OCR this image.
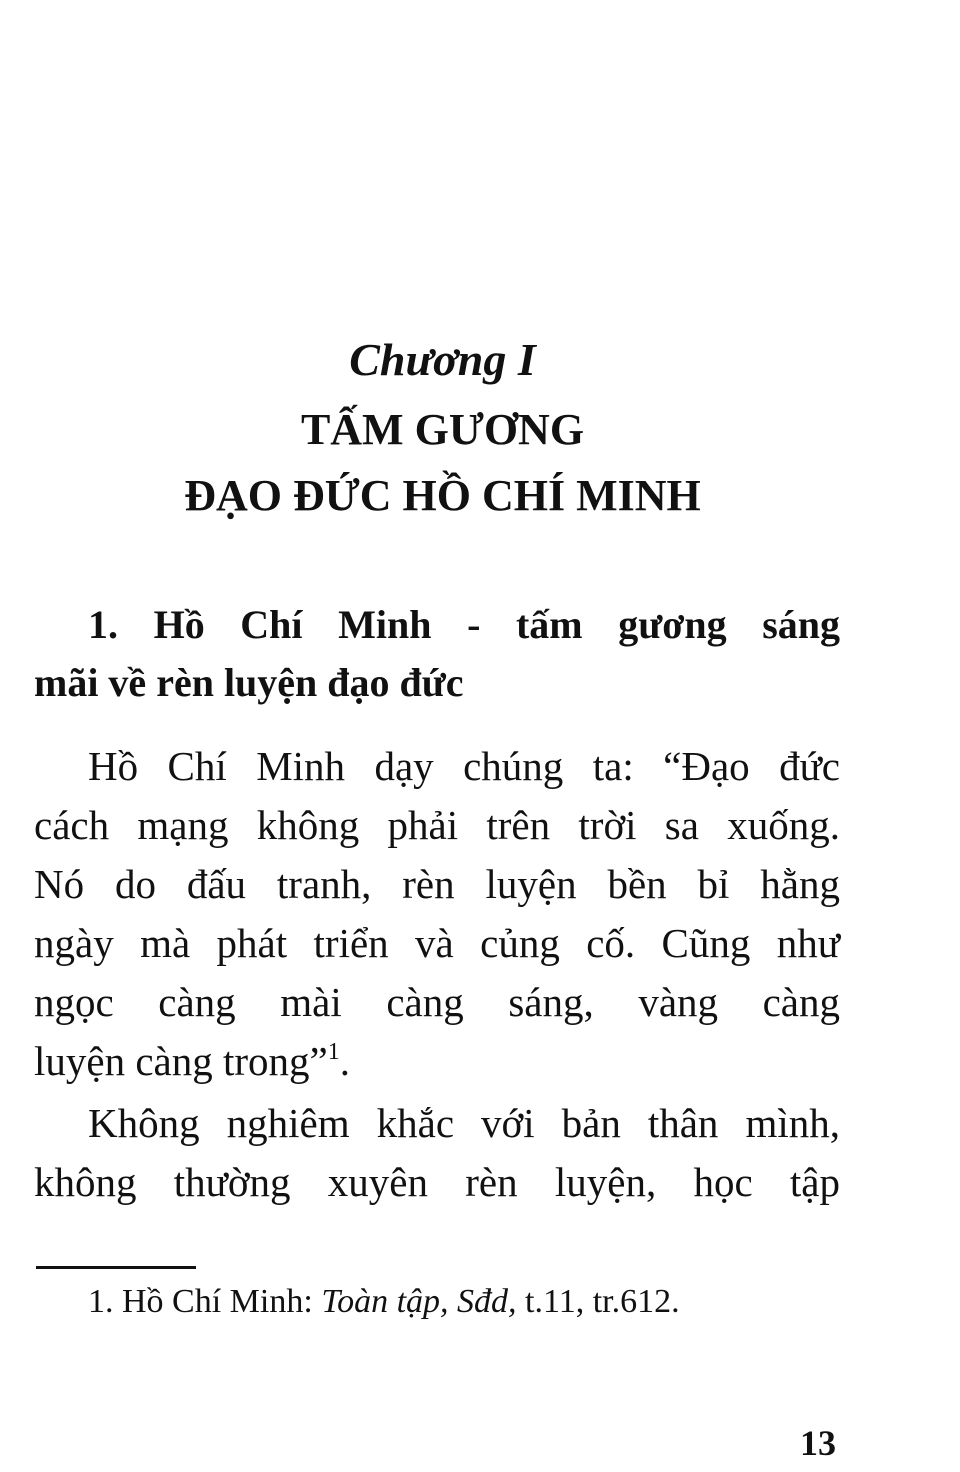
Chương I
TẤM GƯƠNG
ĐẠO ĐỨC HỒ CHÍ MINH
1. Hồ Chí Minh - tấm gương sáng
mãi về rèn luyện đạo đức
Hồ Chí Minh dạy chúng ta: “Đạo đức
cách mạng không phải trên trời sa xuống.
Nó do đấu tranh, rèn luyện bền bỉ hằng
ngày mà phát triển và củng cố. Cũng như
ngọc càng mài càng sáng, vàng càng
luyện càng trong”$^1$.
Không nghiêm khắc với bản thân mình,
không thường xuyên rèn luyện, học tập
1. Hồ Chí Minh: Toàn tập, Sđd, t.11, tr.612.
13
